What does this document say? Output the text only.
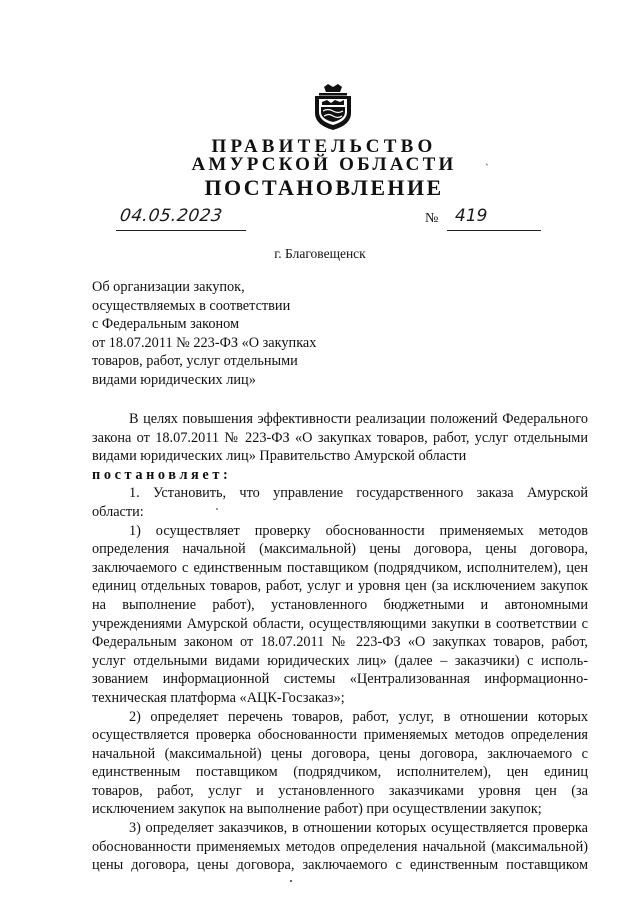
ПРАВИТЕЛЬСТВО
АМУРСКОЙ ОБЛАСТИ	ˎ
ПОСТАНОВЛЕНИЕ
04.05.2023	№ 419
г. Благовещенск
Об организации закупок,
осуществляемых в соответствии
с Федеральным законом
от 18.07.2011 № 223-ФЗ «О закупках
товаров, работ, услуг отдельными
видами юридических лиц»
В целях повышения эффективности реализации положений Федерального
закона от 18.07.2011 № 223-ФЗ «О закупках товаров, работ, услуг отдельными
видами юридических лиц» Правительство Амурской области
постановляет:
1. Установить, что управление государственного заказа Амурской
области:
1) осуществляет проверку обоснованности применяемых методов
определения начальной (максимальной) цены договора, цены договора,
заключаемого с единственным поставщиком (подрядчиком, исполнителем), цен
единиц отдельных товаров, работ, услуг и уровня цен (за исключением закупок
на выполнение работ), установленного бюджетными и автономными
учреждениями Амурской области, осуществляющими закупки в соответствии с
Федеральным законом от 18.07.2011 № 223-ФЗ «О закупках товаров, работ,
услуг отдельными видами юридических лиц» (далее – заказчики) с исполь-
зованием информационной системы «Централизованная информационно-
техническая платформа «АЦК-Госзаказ»;
2) определяет перечень товаров, работ, услуг, в отношении которых
осуществляется проверка обоснованности применяемых методов определения
начальной (максимальной) цены договора, цены договора, заключаемого с
единственным поставщиком (подрядчиком, исполнителем), цен единиц
товаров, работ, услуг и установленного заказчиками уровня цен (за
исключением закупок на выполнение работ) при осуществлении закупок;
3) определяет заказчиков, в отношении которых осуществляется проверка
обоснованности применяемых методов определения начальной (максимальной)
цены договора, цены договора, заключаемого с единственным поставщиком
